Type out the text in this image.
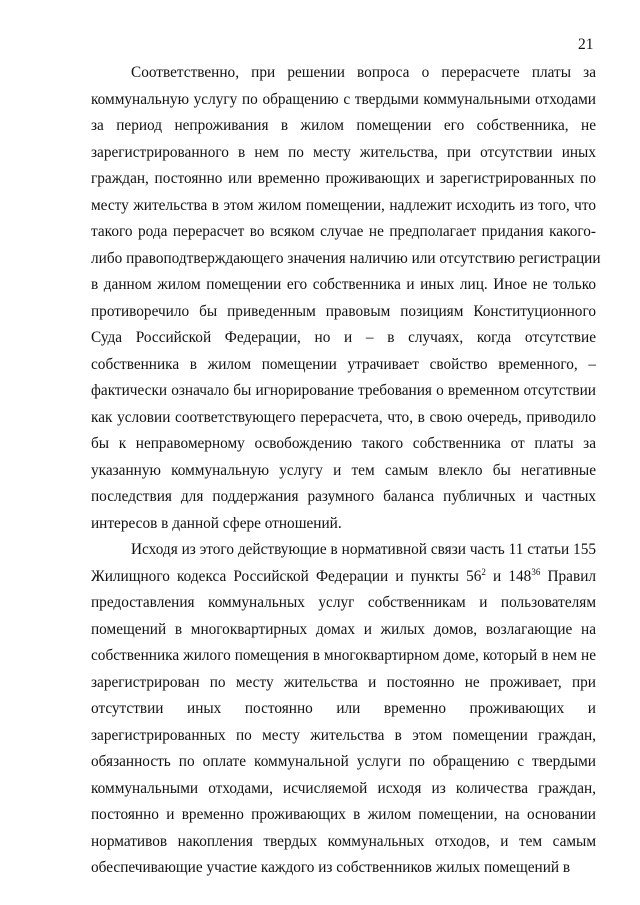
21
Соответственно, при решении вопроса о перерасчете платы за
коммунальную услугу по обращению с твердыми коммунальными отходами
за период непроживания в жилом помещении его собственника, не
зарегистрированного в нем по месту жительства, при отсутствии иных
граждан, постоянно или временно проживающих и зарегистрированных по
месту жительства в этом жилом помещении, надлежит исходить из того, что
такого рода перерасчет во всяком случае не предполагает придания какого-
либо правоподтверждающего значения наличию или отсутствию регистрации
в данном жилом помещении его собственника и иных лиц. Иное не только
противоречило бы приведенным правовым позициям Конституционного
Суда Российской Федерации, но и – в случаях, когда отсутствие
собственника в жилом помещении утрачивает свойство временного, –
фактически означало бы игнорирование требования о временном отсутствии
как условии соответствующего перерасчета, что, в свою очередь, приводило
бы к неправомерному освобождению такого собственника от платы за
указанную коммунальную услугу и тем самым влекло бы негативные
последствия для поддержания разумного баланса публичных и частных
интересов в данной сфере отношений.
Исходя из этого действующие в нормативной связи часть 11 статьи 155
Жилищного кодекса Российской Федерации и пункты $56^2$ и $148^{36}$ Правил
предоставления коммунальных услуг собственникам и пользователям
помещений в многоквартирных домах и жилых домов, возлагающие на
собственника жилого помещения в многоквартирном доме, который в нем не
зарегистрирован по месту жительства и постоянно не проживает, при
отсутствии иных постоянно или временно проживающих и
зарегистрированных по месту жительства в этом помещении граждан,
обязанность по оплате коммунальной услуги по обращению с твердыми
коммунальными отходами, исчисляемой исходя из количества граждан,
постоянно и временно проживающих в жилом помещении, на основании
нормативов накопления твердых коммунальных отходов, и тем самым
обеспечивающие участие каждого из собственников жилых помещений в
